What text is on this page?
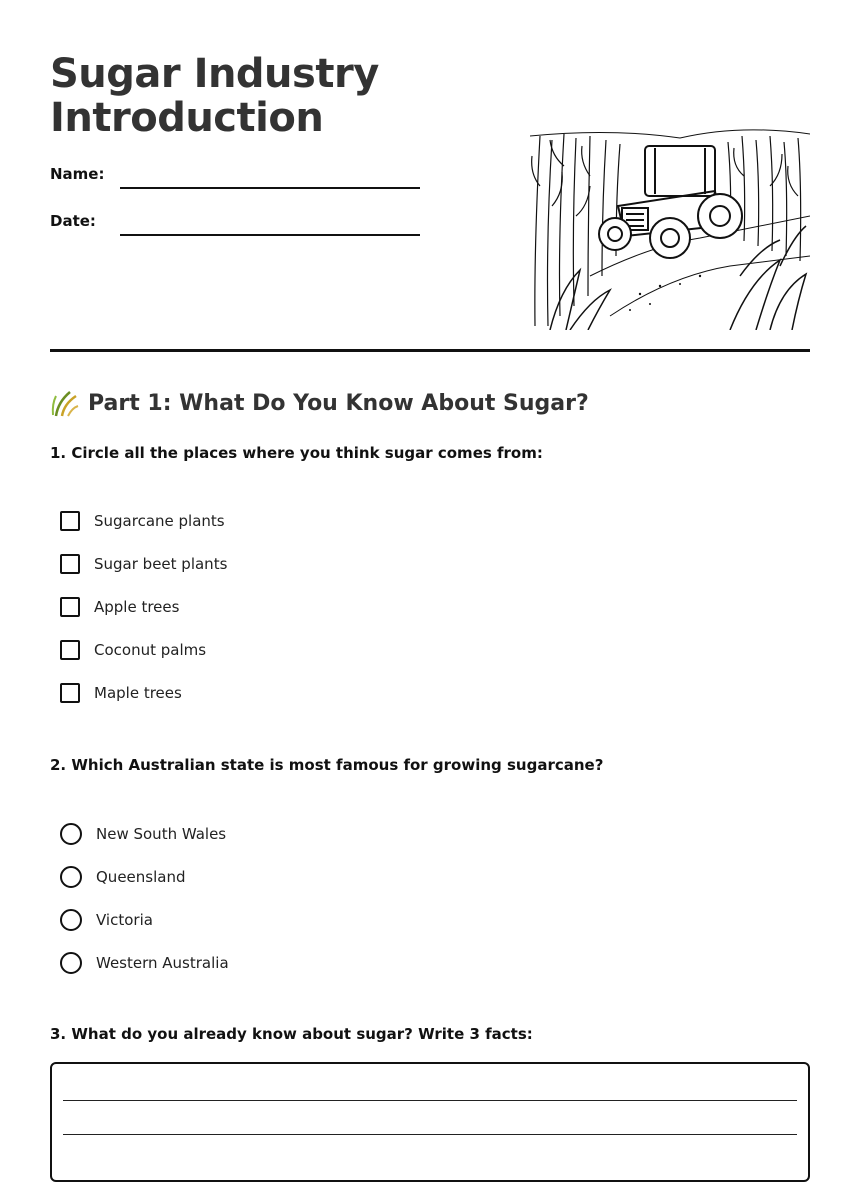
Sugar Industry
Introduction
Name:
Date:
Part 1: What Do You Know About Sugar?
1. Circle all the places where you think sugar comes from:
Sugarcane plants
Sugar beet plants
Apple trees
Coconut palms
Maple trees
2. Which Australian state is most famous for growing sugarcane?
New South Wales
Queensland
Victoria
Western Australia
3. What do you already know about sugar? Write 3 facts:
